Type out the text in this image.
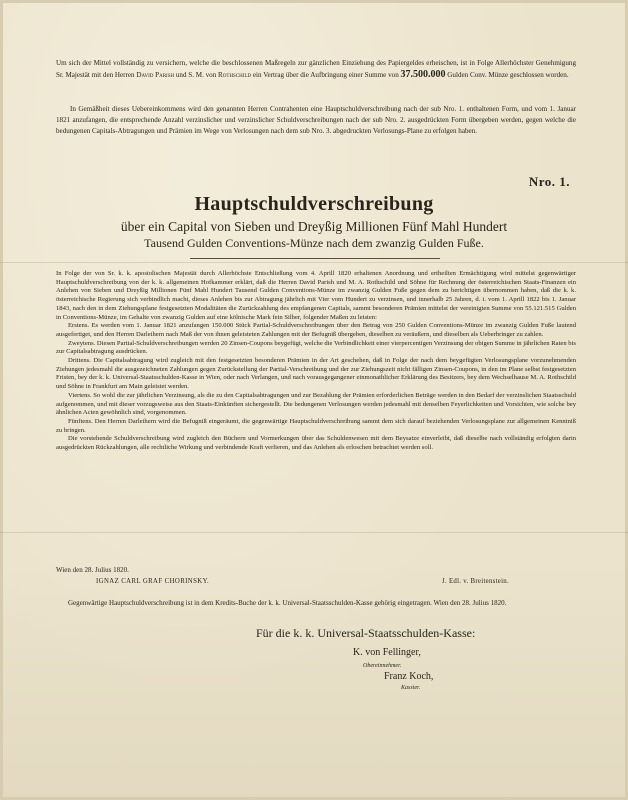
Um sich der Mittel vollständig zu versichern, welche die beschlossenen Maßregeln zur gänzlichen Einziehung des Papiergeldes erheischen, ist in Folge Allerhöchster Genehmigung Sr. Majestät mit den Herren David Parish und S. M. von Rothschild ein Vertrag über die Aufbringung einer Summe von 37.500.000 Gulden Conv. Münze geschlossen worden.

In Gemäßheit dieses Uebereinkommens wird den genannten Herren Contrahenten eine Hauptschuldverschreibung nach der sub Nro. 1. enthaltenen Form, und vom 1. Januar 1821 anzufangen, die entsprechende Anzahl verzinslicher und verzinslicher Schuldverschreibungen nach der sub Nro. 2. ausgedrückten Form übergeben werden, gegen welche die bedungenen Capitals-Abtragungen und Prämien im Wege von Verlosungen nach dem sub Nro. 3. abgedruckten Verlosungs-Plane zu erfolgen haben.

Nro. 1.
Hauptschuldverschreibung
über ein Capital von Sieben und Dreyßig Millionen Fünf Mahl Hundert
Tausend Gulden Conventions-Münze nach dem zwanzig Gulden Fuße.

In Folge der von Sr. k. k. apostolischen Majestät durch Allerhöchste Entschließung vom 4. Aprill 1820 erhaltenen Anordnung und ertheilten Ermächtigung wird mittelst gegenwärtiger Hauptschuldverschreibung von der k. k. allgemeinen Hofkammer erklärt, daß die Herren David Parish und M. A. Rothschild und Söhne für Rechnung der österreichischen Staats-Finanzen ein Anlehen von Sieben und Dreyßig Millionen Fünf Mahl Hundert Tausend Gulden Conventions-Münze im zwanzig Gulden Fuße gegen dem zu berichtigen übernommen haben, daß die k. k. österreichische Regierung sich verbindlich macht, dieses Anlehen bis zur Abtragung jährlich mit Vier vom Hundert zu verzinsen, und innerhalb 25 Jahren, d. i. vom 1. Aprill 1822 bis 1. Januar 1843, nach den in dem Ziehungsplane festgesetzten Modalitäten die Zurückzahlung des empfangenen Capitals, sammt besonderen Prämien mittelst der vereinigten Summe von 55.121.515 Gulden in Conventions-Münze, im Gehalte von zwanzig Gulden auf eine kölnische Mark fein Silber, folgender Maßen zu leisten:

Erstens. Es werden vom 1. Januar 1821 anzufangen 150.000 Stück Partial-Schuldverschreibungen über den Betrag von 250 Gulden Conventions-Münze im zwanzig Gulden Fuße lautend ausgefertiget, und den Herren Darleihern nach Maß der von ihnen geleisteten Zahlungen mit der Befugniß übergeben, dieselben zu veräußern, und dieselben als Ueberbringer zu zahlen.

Zweytens. Diesen Partial-Schuldverschreibungen werden 20 Zinsen-Coupons beygefügt, welche die Verbindlichkeit einer vierpercentigen Verzinsung der obigen Summe in jährlichen Raten bis zur Capitalsabtragung ausdrücken.

Drittens. Die Capitalsabtragung wird zugleich mit den festgesetzten besonderen Prämien in der Art geschehen, daß in Folge der nach dem beygefügten Verlosungsplane vorzunehmenden Ziehungen jedesmahl die ausgezeichneten Zahlungen gegen Zurückstellung der Partial-Verschreibung und der zur Ziehungszeit nicht fälligen Zinsen-Coupons, in den im Plane selbst festgesetzten Fristen, bey der k. k. Universal-Staatsschulden-Kasse in Wien, oder nach Verlangen, und nach vorausgegangener einmonathlicher Erklärung des Besitzers, bey dem Wechselhause M. A. Rothschild und Söhne in Frankfurt am Main geleistet werden.

Viertens. So wohl die zur jährlichen Verzinsung, als die zu den Capitalsabtragungen und zur Bezahlung der Prämien erforderlichen Beträge werden in den Bedarf der verzinslichen Staatsschuld aufgenommen, und mit dieser vorzugsweise aus den Staats-Einkünften sichergestellt. Die bedungenen Verlosungen werden jedesmahl mit denselben Feyerlichkeiten und Vorsichten, wie solche bey ähnlichen Acten gewöhnlich sind, vorgenommen.

Fünftens. Den Herren Darleihern wird die Befugniß eingeräumt, die gegenwärtige Hauptschuldverschreibung sammt dem sich darauf beziehenden Verlosungsplane zur allgemeinen Kenntniß zu bringen.

Die vorstehende Schuldverschreibung wird zugleich den Büchern und Vormerkungen über das Schuldenwesen mit dem Beysatze einverleibt, daß dieselbe nach vollständig erfolgten darin ausgedrückten Rückzahlungen, alle rechtliche Wirkung und verbindende Kraft verlieren, und das Anlehen als erloschen betrachtet werden soll.

Wien den 28. Julius 1820.
IGNAZ CARL GRAF CHORINSKY.	J. Edl. v. Breitenstein.

Gegenwärtige Hauptschuldverschreibung ist in dem Kredits-Buche der k. k. Universal-Staatsschulden-Kasse gehörig eingetragen. Wien den 28. Julius 1820.

Für die k. k. Universal-Staatsschulden-Kasse:
K. von Fellinger,
Obereinnehmer.
Franz Koch,
Kassier.
